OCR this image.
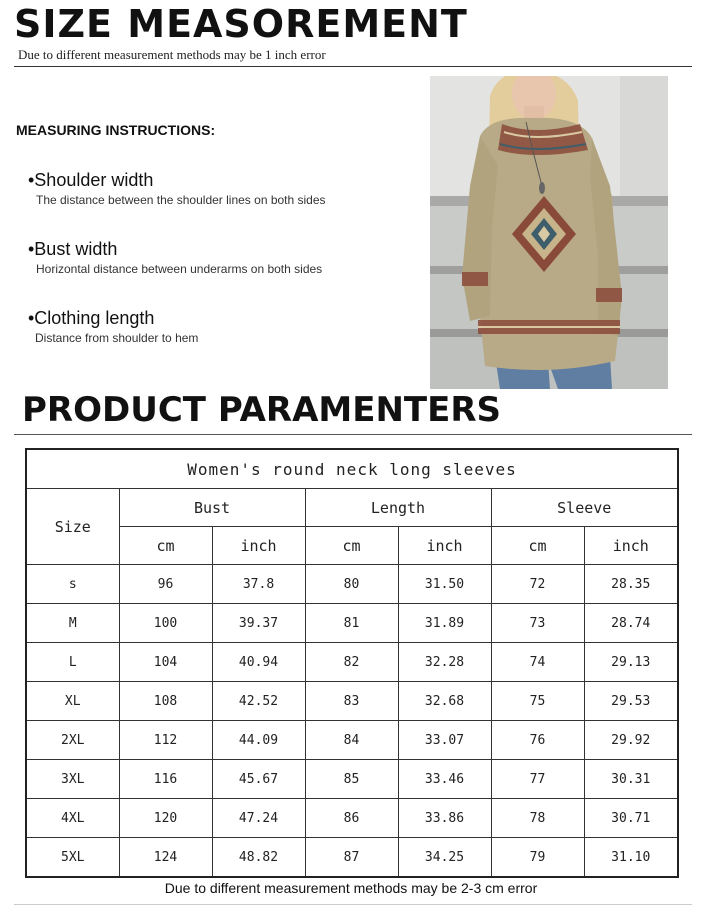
SIZE MEASOREMENT
Due to different measurement methods may be 1 inch error
MEASURING INSTRUCTIONS:
•Shoulder width
The distance between the shoulder lines on both sides
•Bust width
Horizontal distance between underarms on both sides
•Clothing length
Distance from shoulder to hem
PRODUCT PARAMENTERS
Women's round neck long sleeves						
Size	Bust		Length		Sleeve	
	cm	inch	cm	inch	cm	inch
s	96	37.8	80	31.50	72	28.35
M	100	39.37	81	31.89	73	28.74
L	104	40.94	82	32.28	74	29.13
XL	108	42.52	83	32.68	75	29.53
2XL	112	44.09	84	33.07	76	29.92
3XL	116	45.67	85	33.46	77	30.31
4XL	120	47.24	86	33.86	78	30.71
5XL	124	48.82	87	34.25	79	31.10
Due to different measurement methods may be 2-3 cm error
